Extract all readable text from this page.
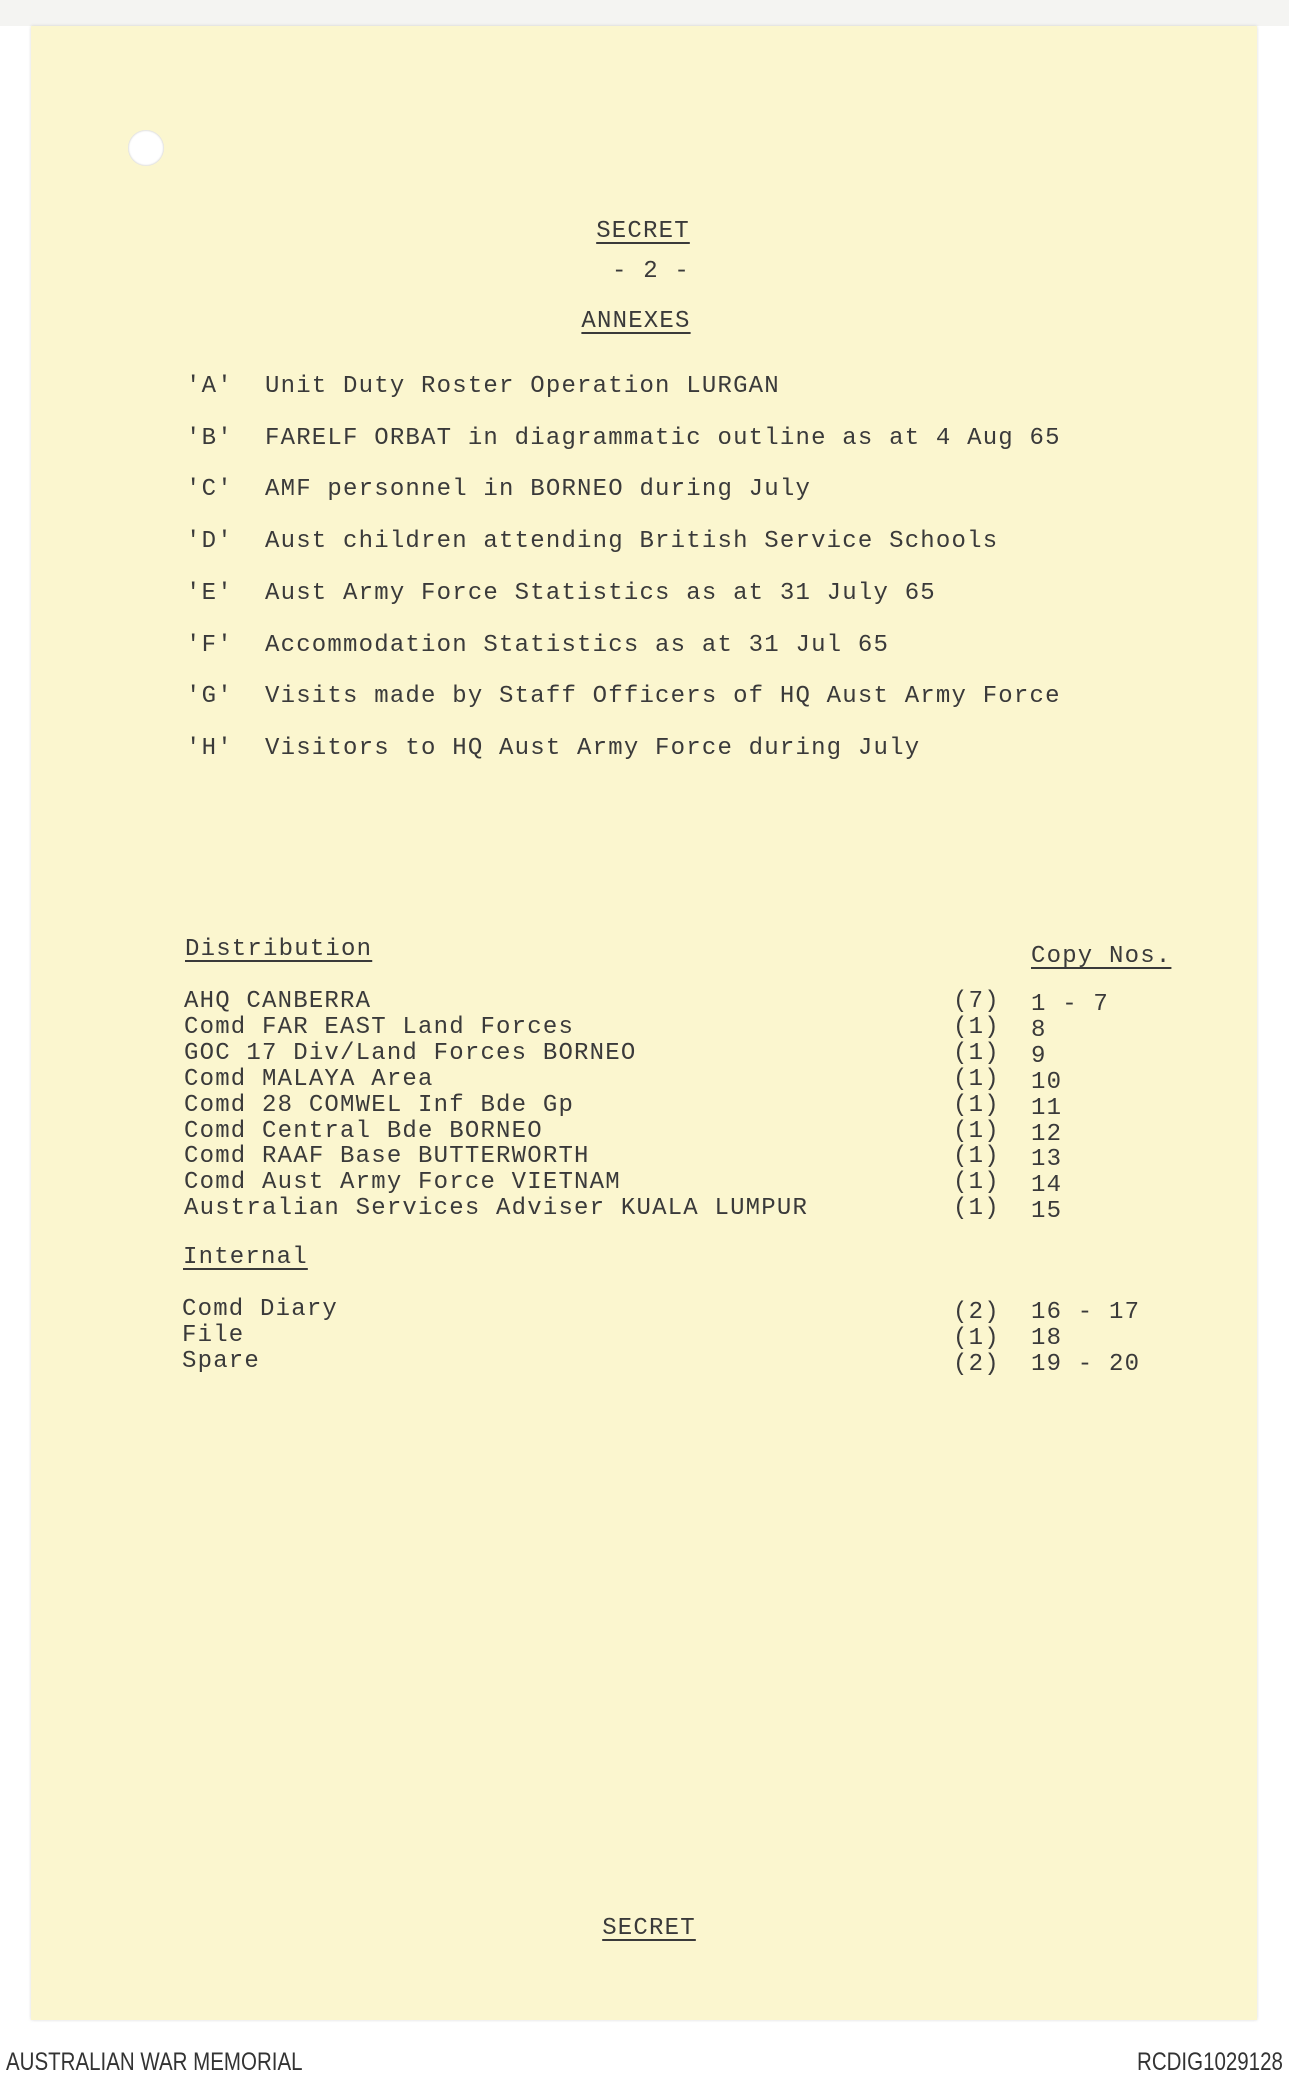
SECRET
- 2 -
ANNEXES
'A' Unit Duty Roster Operation LURGAN
'B' FARELF ORBAT in diagrammatic outline as at 4 Aug 65
'C' AMF personnel in BORNEO during July
'D' Aust children attending British Service Schools
'E' Aust Army Force Statistics as at 31 July 65
'F' Accommodation Statistics as at 31 Jul 65
'G' Visits made by Staff Officers of HQ Aust Army Force
'H' Visitors to HQ Aust Army Force during July
Distribution	Copy Nos.
AHQ CANBERRA	(7) 1 - 7
Comd FAR EAST Land Forces	(1) 8
GOC 17 Div/Land Forces BORNEO	(1) 9
Comd MALAYA Area	(1) 10
Comd 28 COMWEL Inf Bde Gp	(1) 11
Comd Central Bde BORNEO	(1) 12
Comd RAAF Base BUTTERWORTH	(1) 13
Comd Aust Army Force VIETNAM	(1) 14
Australian Services Adviser KUALA LUMPUR	(1) 15
Internal
Comd Diary	(2) 16 - 17
File	(1) 18
Spare	(2) 19 - 20
SECRET
AUSTRALIAN WAR MEMORIAL	RCDIG1029128
